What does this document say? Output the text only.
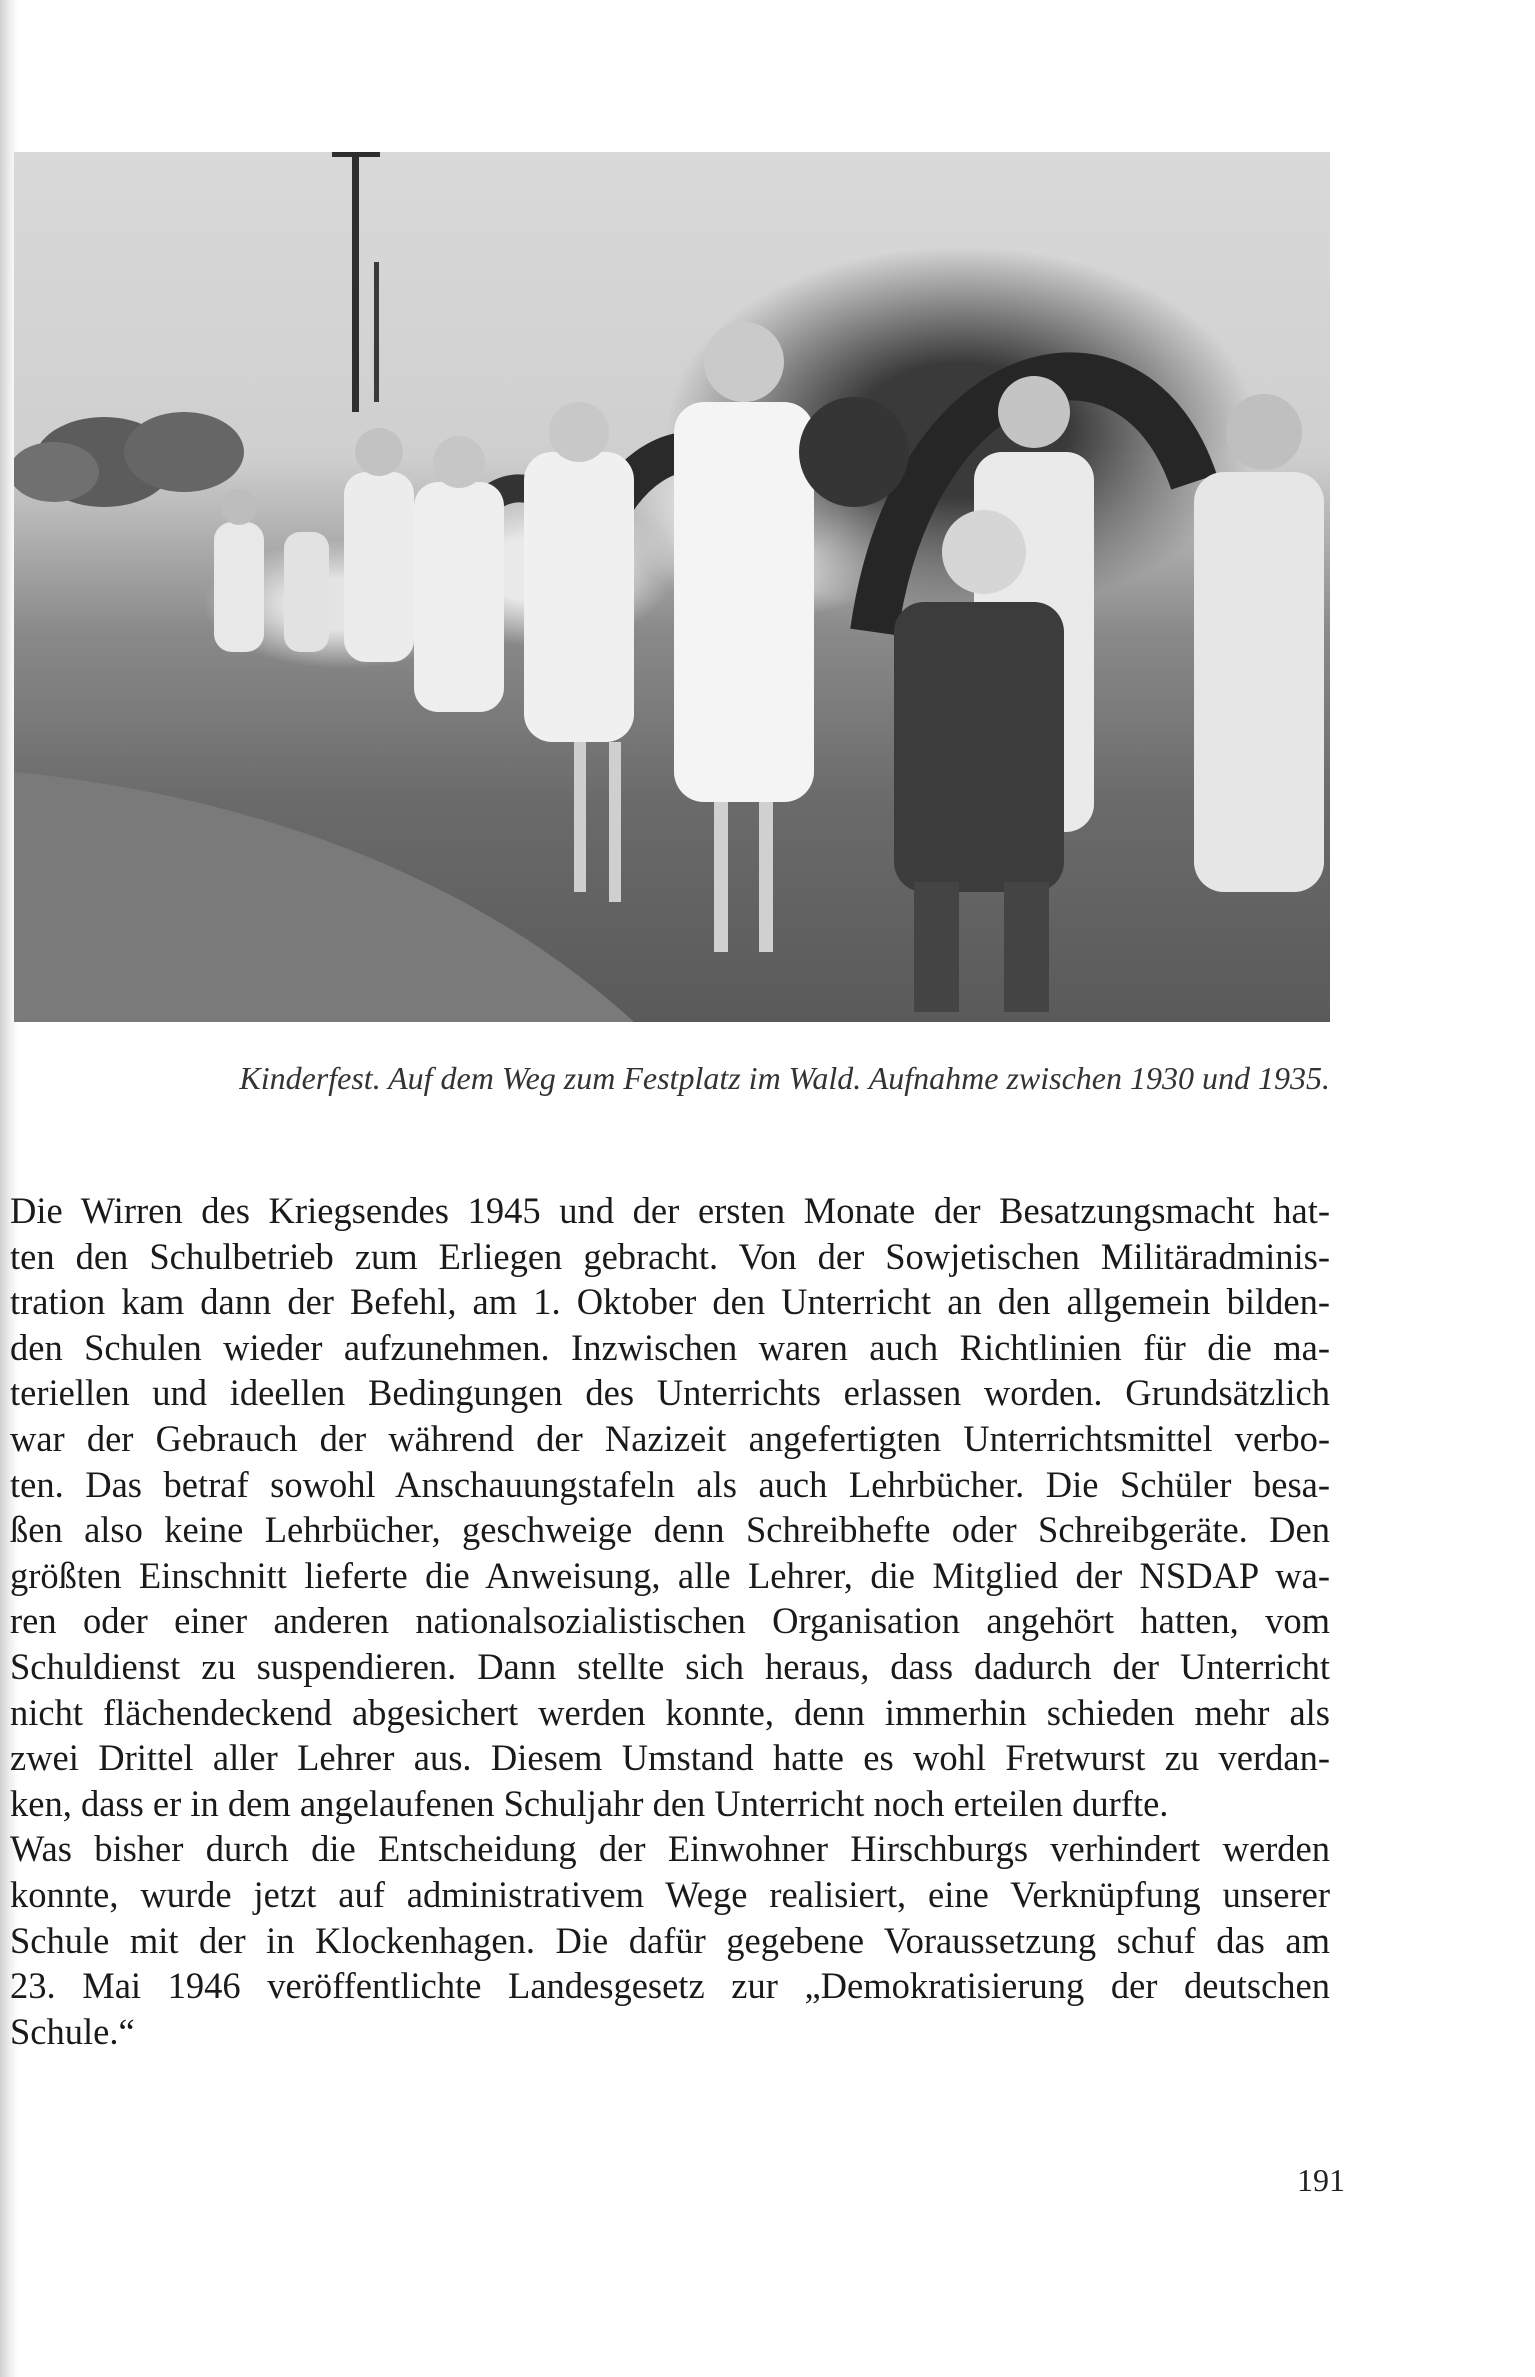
Kinderfest. Auf dem Weg zum Festplatz im Wald. Aufnahme zwischen 1930 und 1935.
Die Wirren des Kriegsendes 1945 und der ersten Monate der Besatzungsmacht hat-
ten den Schulbetrieb zum Erliegen gebracht. Von der Sowjetischen Militäradminis-
tration kam dann der Befehl, am 1. Oktober den Unterricht an den allgemein bilden-
den Schulen wieder aufzunehmen. Inzwischen waren auch Richtlinien für die ma-
teriellen und ideellen Bedingungen des Unterrichts erlassen worden. Grundsätzlich
war der Gebrauch der während der Nazizeit angefertigten Unterrichtsmittel verbo-
ten. Das betraf sowohl Anschauungstafeln als auch Lehrbücher. Die Schüler besa-
ßen also keine Lehrbücher, geschweige denn Schreibhefte oder Schreibgeräte. Den
größten Einschnitt lieferte die Anweisung, alle Lehrer, die Mitglied der NSDAP wa-
ren oder einer anderen nationalsozialistischen Organisation angehört hatten, vom
Schuldienst zu suspendieren. Dann stellte sich heraus, dass dadurch der Unterricht
nicht flächendeckend abgesichert werden konnte, denn immerhin schieden mehr als
zwei Drittel aller Lehrer aus. Diesem Umstand hatte es wohl Fretwurst zu verdan-
ken, dass er in dem angelaufenen Schuljahr den Unterricht noch erteilen durfte.
Was bisher durch die Entscheidung der Einwohner Hirschburgs verhindert werden
konnte, wurde jetzt auf administrativem Wege realisiert, eine Verknüpfung unserer
Schule mit der in Klockenhagen. Die dafür gegebene Voraussetzung schuf das am
23. Mai 1946 veröffentlichte Landesgesetz zur „Demokratisierung der deutschen
Schule.“
191
